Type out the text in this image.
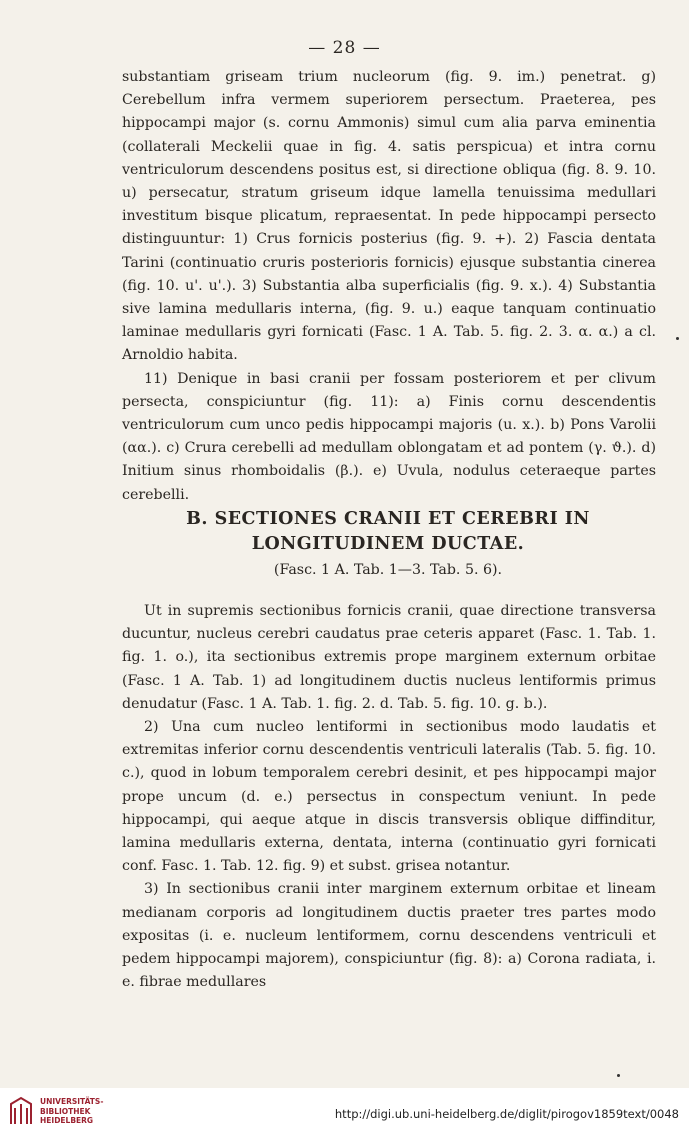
— 28 —

substantiam griseam trium nucleorum (fig. 9. im.) penetrat. g) Cerebellum infra vermem superiorem persectum. Praeterea, pes hippocampi major (s. cornu Ammonis) simul cum alia parva eminentia (collaterali Meckelii quae in fig. 4. satis perspicua) et intra cornu ventriculorum descendens positus est, si directione obliqua (fig. 8. 9. 10. u) persecatur, stratum griseum idque lamella tenuissima medullari investitum bisque plicatum, repraesentat. In pede hippocampi persecto distinguuntur: 1) Crus fornicis posterius (fig. 9. +). 2) Fascia dentata Tarini (continuatio cruris posterioris fornicis) ejusque substantia cinerea (fig. 10. u'. u'.). 3) Substantia alba superficialis (fig. 9. x.). 4) Substantia sive lamina medullaris interna, (fig. 9. u.) eaque tanquam continuatio laminae medullaris gyri fornicati (Fasc. 1 A. Tab. 5. fig. 2. 3. α. α.) a cl. Arnoldio habita.

11) Denique in basi cranii per fossam posteriorem et per clivum persecta, conspiciuntur (fig. 11): a) Finis cornu descendentis ventriculorum cum unco pedis hippocampi majoris (u. x.). b) Pons Varolii (αα.). c) Crura cerebelli ad medullam oblongatam et ad pontem (γ. ϑ.). d) Initium sinus rhomboidalis (β.). e) Uvula, nodulus ceteraeque partes cerebelli.

B. SECTIONES CRANII ET CEREBRI IN LONGITUDINEM DUCTAE.
(Fasc. 1 A. Tab. 1—3. Tab. 5. 6).

Ut in supremis sectionibus fornicis cranii, quae directione transversa ducuntur, nucleus cerebri caudatus prae ceteris apparet (Fasc. 1. Tab. 1. fig. 1. o.), ita sectionibus extremis prope marginem externum orbitae (Fasc. 1 A. Tab. 1) ad longitudinem ductis nucleus lentiformis primus denudatur (Fasc. 1 A. Tab. 1. fig. 2. d. Tab. 5. fig. 10. g. b.).

2) Una cum nucleo lentiformi in sectionibus modo laudatis et extremitas inferior cornu descendentis ventriculi lateralis (Tab. 5. fig. 10. c.), quod in lobum temporalem cerebri desinit, et pes hippocampi major prope uncum (d. e.) persectus in conspectum veniunt. In pede hippocampi, qui aeque atque in discis transversis oblique diffinditur, lamina medullaris externa, dentata, interna (continuatio gyri fornicati conf. Fasc. 1. Tab. 12. fig. 9) et subst. grisea notantur.

3) In sectionibus cranii inter marginem externum orbitae et lineam medianam corporis ad longitudinem ductis praeter tres partes modo expositas (i. e. nucleum lentiformem, cornu descendens ventriculi et pedem hippocampi majorem), conspiciuntur (fig. 8): a) Corona radiata, i. e. fibrae medullares

UNIVERSITÄTS-
BIBLIOTHEK
HEIDELBERG	http://digi.ub.uni-heidelberg.de/diglit/pirogov1859text/0048
